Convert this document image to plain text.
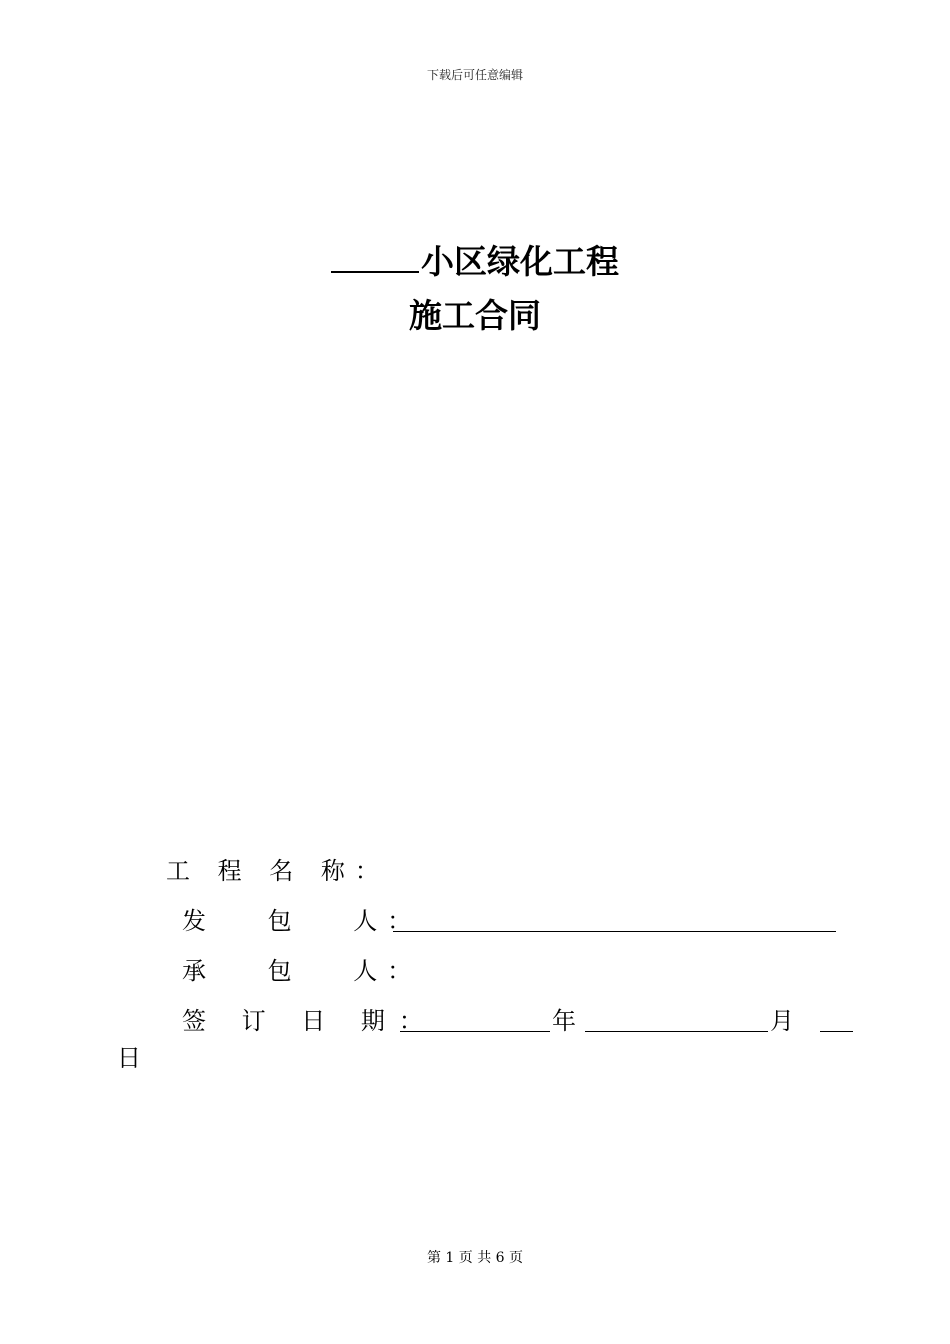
下载后可任意编辑
小区绿化工程
施工合同
工 程 名 称：
发　 包　 人：
承　 包　 人：
签 订 日 期：	年	月
日
第 1 页 共 6 页
